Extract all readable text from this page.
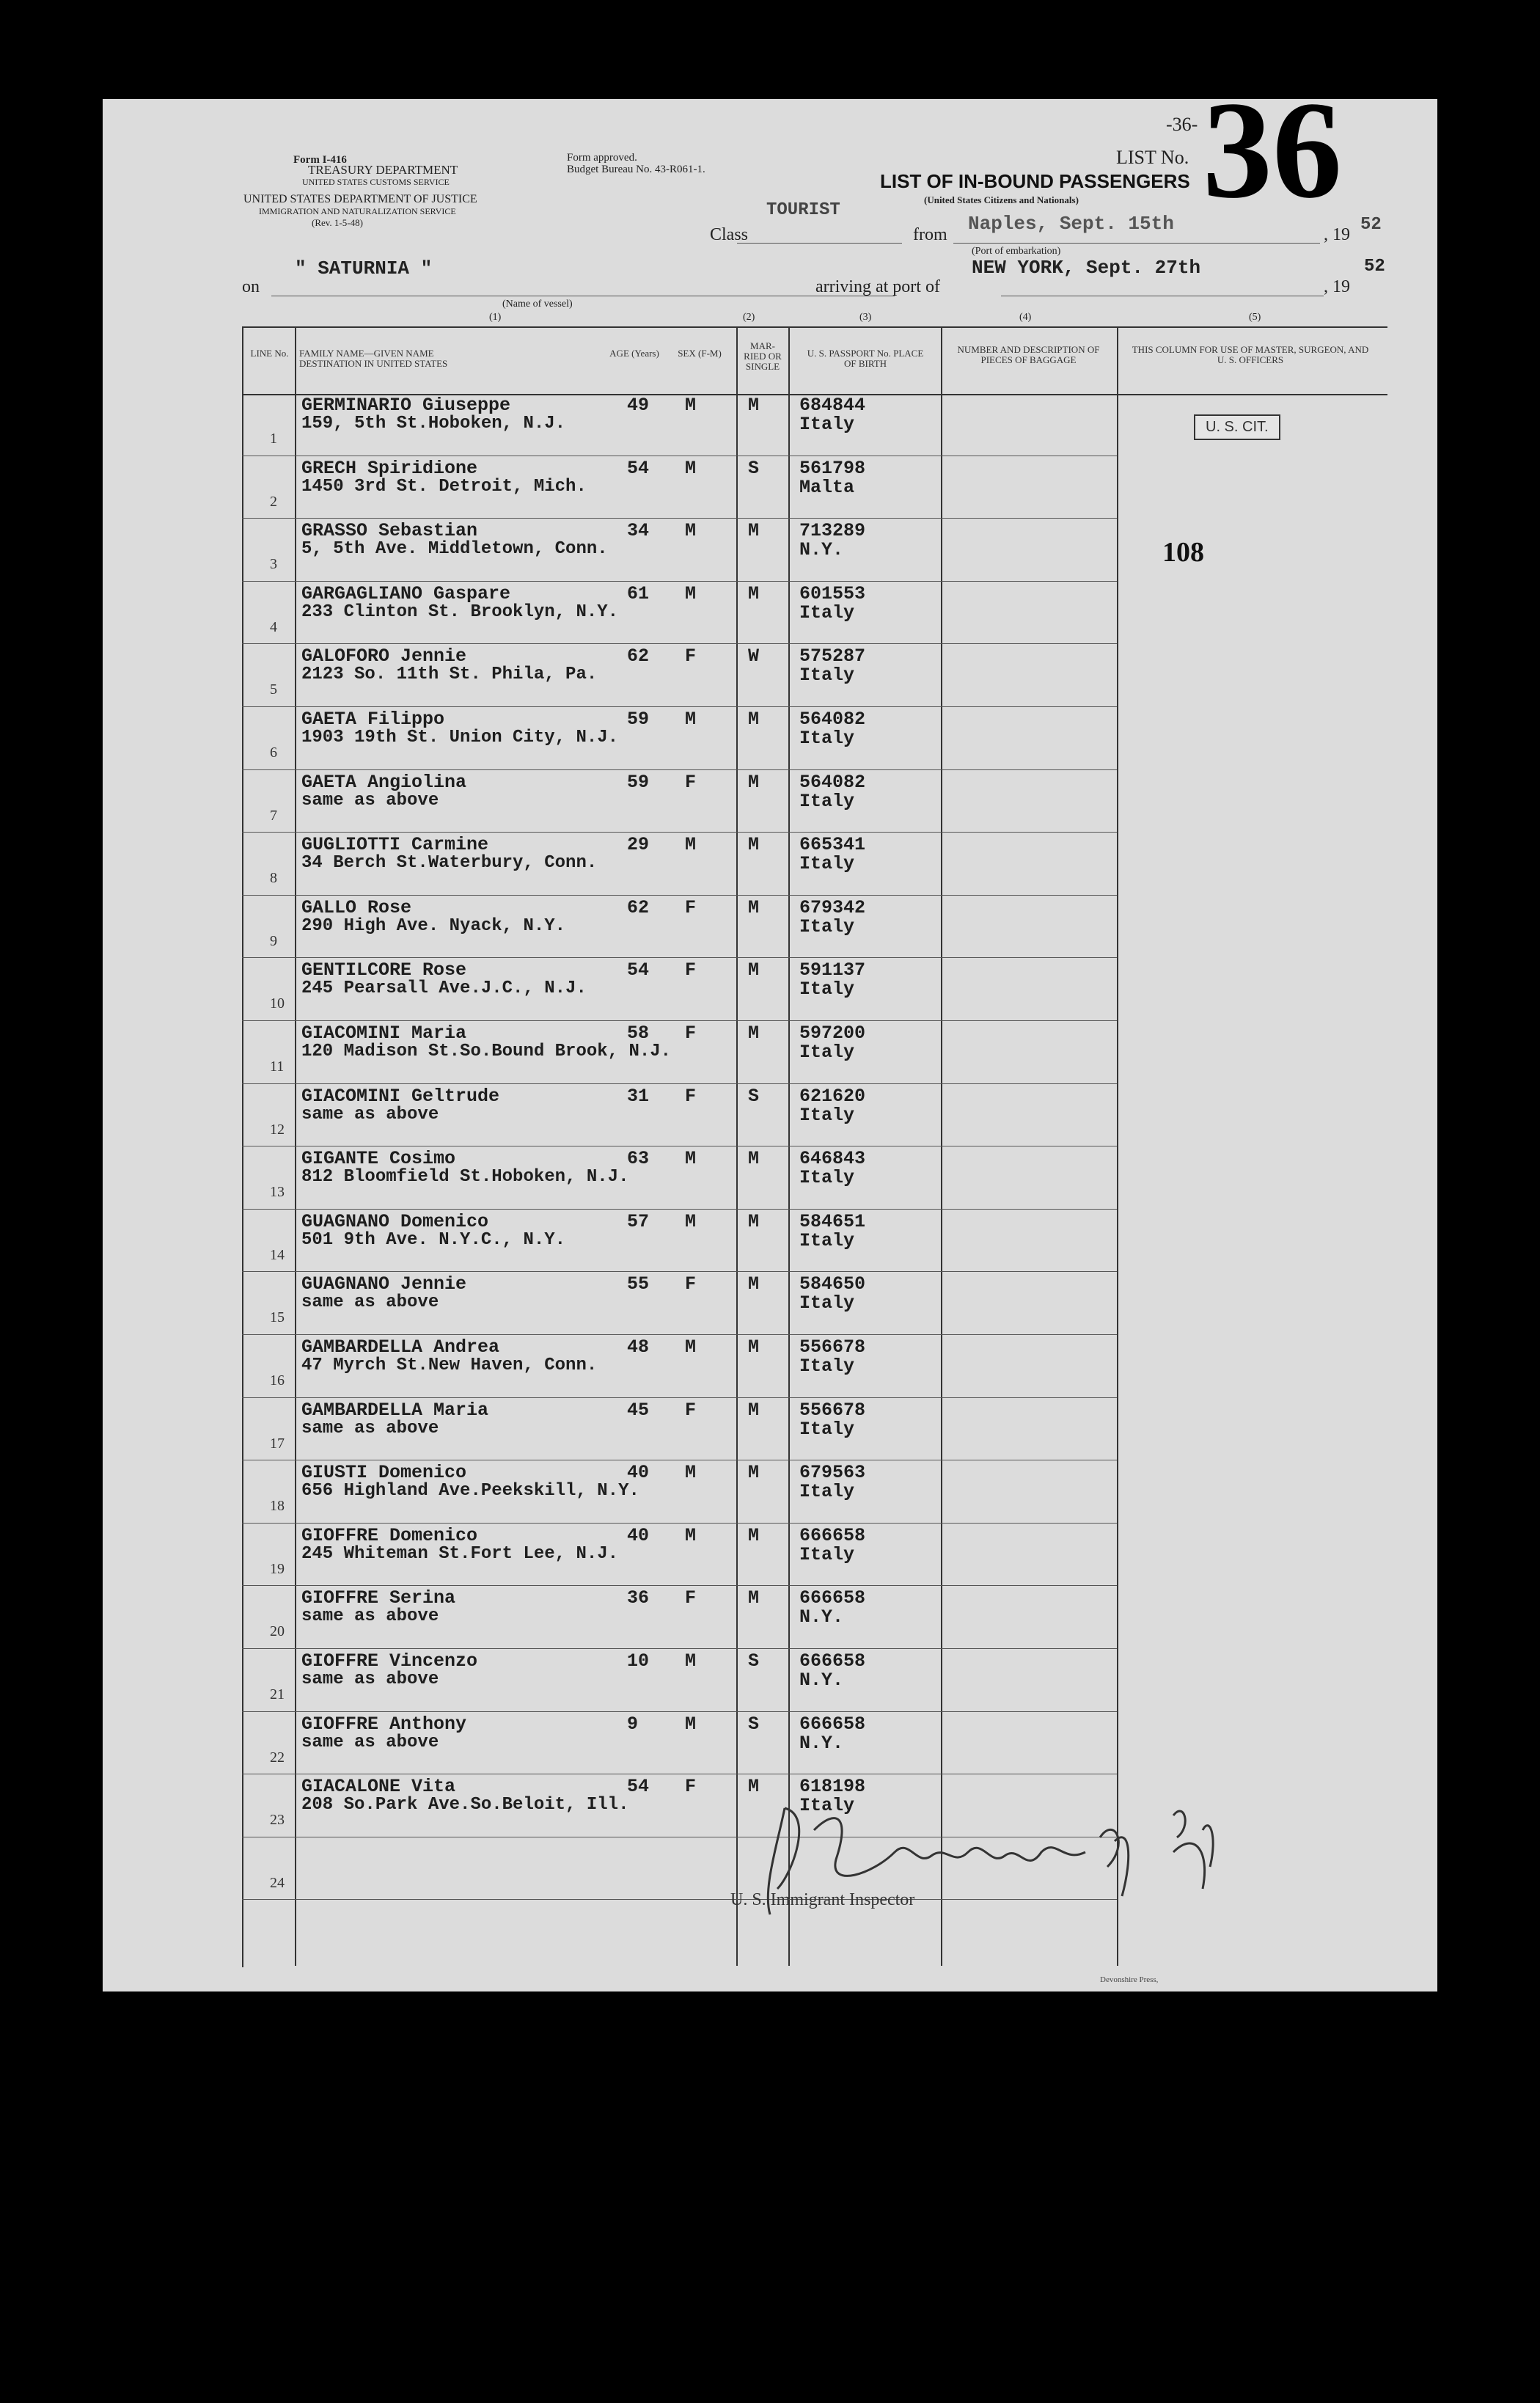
Form I-416
TREASURY DEPARTMENT
UNITED STATES CUSTOMS SERVICE
Form approved.
Budget Bureau No. 43-R061-1.
UNITED STATES DEPARTMENT OF JUSTICE
IMMIGRATION AND NATURALIZATION SERVICE
(Rev. 1-5-48)
LIST No.
-36- 36
LIST OF IN-BOUND PASSENGERS
(United States Citizens and Nationals)
TOURIST
Class	from Naples, Sept. 15th	, 19 52
on
" SATURNIA "
(Name of vessel)
arriving at port of
(Port of embarkation)
NEW YORK, Sept. 27th
, 19
52
(1)	(2)	(3)	(4)	(5)
LINE No. FAMILY NAME—GIVEN NAME DESTINATION IN UNITED STATES
AGE (Years) SEX (F-M)
MAR-RIED OR SINGLE
U. S. PASSPORT No. PLACE OF BIRTH
NUMBER AND DESCRIPTION OF PIECES OF BAGGAGE
THIS COLUMN FOR USE OF MASTER, SURGEON, AND U. S. OFFICERS
1
GERMINARIO Giuseppe
159, 5th St.Hoboken, N.J.
49 M	M 684844
Italy
2
GRECH Spiridione
1450 3rd St. Detroit, Mich.
54 M	S 561798
Malta
3
GRASSO Sebastian
5, 5th Ave. Middletown, Conn.
34 M	M 713289
N.Y.
4
GARGAGLIANO Gaspare
233 Clinton St. Brooklyn, N.Y.
61 M	M 601553
Italy
5
GALOFORO Jennie
2123 So. 11th St. Phila, Pa.
62 F	W 575287
Italy
6
GAETA Filippo
1903 19th St. Union City, N.J.
59 M	M 564082
Italy
7
GAETA Angiolina
same as above
59 F	M 564082
Italy
8
GUGLIOTTI Carmine
34 Berch St.Waterbury, Conn.
29 M	M 665341
Italy
9
GALLO Rose
290 High Ave. Nyack, N.Y.
62 F	M 679342
Italy
10
GENTILCORE Rose
245 Pearsall Ave.J.C., N.J.
54 F	M 591137
Italy
11
GIACOMINI Maria
120 Madison St.So.Bound Brook, N.J.
58 F	M 597200
Italy
12
GIACOMINI Geltrude
same as above
31 F	S 621620
Italy
13
GIGANTE Cosimo
812 Bloomfield St.Hoboken, N.J.
63 M	M 646843
Italy
14
GUAGNANO Domenico
501 9th Ave. N.Y.C., N.Y.
57 M	M 584651
Italy
15
GUAGNANO Jennie
same as above
55 F	M 584650
Italy
16
GAMBARDELLA Andrea
47 Myrch St.New Haven, Conn.
48 M	M 556678
Italy
17
GAMBARDELLA Maria
same as above
45 F	M 556678
Italy
18
GIUSTI Domenico
656 Highland Ave.Peekskill, N.Y.
40 M	M 679563
Italy
19
GIOFFRE Domenico
245 Whiteman St.Fort Lee, N.J.
40 M	M 666658
Italy
20
GIOFFRE Serina
same as above
36 F	M 666658
N.Y.
21
GIOFFRE Vincenzo
same as above
10 M	S 666658
N.Y.
22
GIOFFRE Anthony
same as above
9	M	S 666658
N.Y.
23
GIACALONE Vita
208 So.Park Ave.So.Beloit, Ill.
54 F	M 618198
Italy
24
U. S. CIT.
108
U. S. Immigrant Inspector
Devonshire Press,
